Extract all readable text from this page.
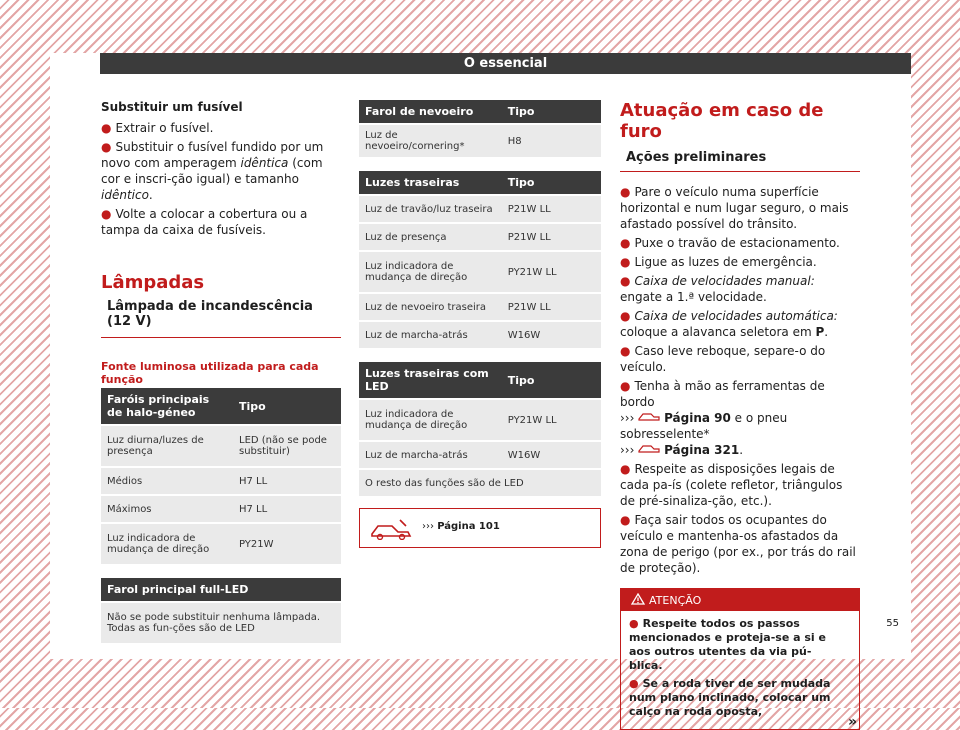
O essencial
Substituir um fusível

● Extrair o fusível.

● Substituir o fusível fundido por um novo com amperagem idêntica (com cor e inscri-ção igual) e tamanho idêntico.

● Volte a colocar a cobertura ou a tampa da caixa de fusíveis.

Lâmpadas
Lâmpada de incandescência (12 V)
Fonte luminosa utilizada para cada função
Faróis principais de halo-géneo	Tipo
Luz diurna/luzes de presença	LED (não se pode substituir)
Médios	H7 LL
Máximos	H7 LL
Luz indicadora de mudança de direção	PY21W
Farol principal full-LED
Não se pode substituir nenhuma lâmpada. Todas as fun-ções são de LED
Farol de nevoeiro	Tipo
Luz de nevoeiro/cornering*	H8
Luzes traseiras	Tipo
Luz de travão/luz traseira	P21W LL
Luz de presença	P21W LL
Luz indicadora de mudança de direção	PY21W LL
Luz de nevoeiro traseira	P21W LL
Luz de marcha-atrás	W16W
Luzes traseiras com LED	Tipo
Luz indicadora de mudança de direção	PY21W LL
Luz de marcha-atrás	W16W
O resto das funções são de LED	
››› Página 101
Atuação em caso de furo
Ações preliminares

● Pare o veículo numa superfície horizontal e num lugar seguro, o mais afastado possível do trânsito.

● Puxe o travão de estacionamento.

● Ligue as luzes de emergência.

● Caixa de velocidades manual: engate a 1.ª velocidade.

● Caixa de velocidades automática: coloque a alavanca seletora em P.

● Caso leve reboque, separe-o do veículo.

● Tenha à mão as ferramentas de bordo
››› Página 90 e o pneu sobresselente*
››› Página 321.

● Respeite as disposições legais de cada pa-ís (colete refletor, triângulos de pré-sinaliza-ção, etc.).

● Faça sair todos os ocupantes do veículo e mantenha-os afastados da zona de perigo (por ex., por trás do rail de proteção).

ATENÇÃO

● Respeite todos os passos mencionados e proteja-se a si e aos outros utentes da via pú-blica.

● Se a roda tiver de ser mudada num plano inclinado, colocar um calço na roda oposta,

»
55
